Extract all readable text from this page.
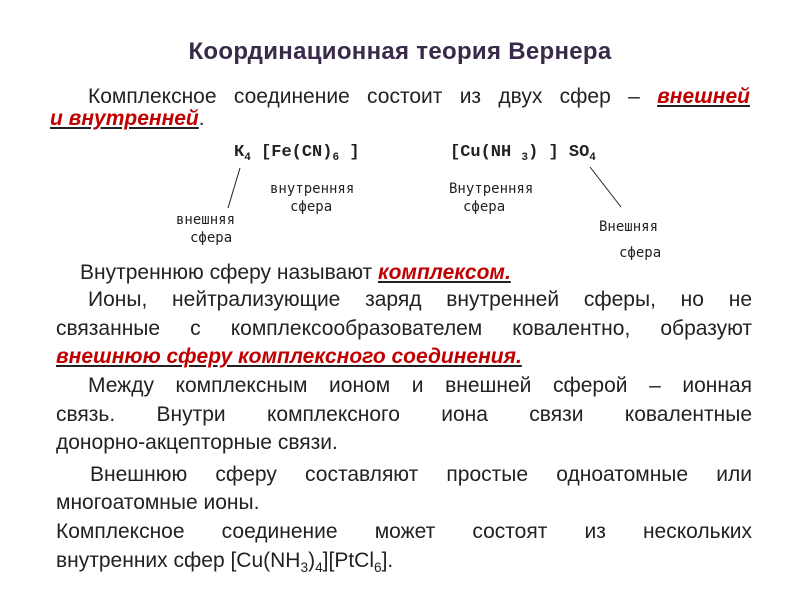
Координационная теория Вернера
Комплексное соединение состоит из двух сфер – внешней
и внутренней.
$К_4$ [$Fe(CN)_6$ ]	[Cu(NH $_3$) ] $SO_4$
внешняя
сфера
внутренняя
сфера
Внутренняя
сфера
Внешняя
сфера
Внутреннюю сферу называют комплексом.
Ионы, нейтрализующие заряд внутренней сферы, но не
связанные с комплексообразователем ковалентно, образуют
внешнюю сферу комплексного соединения.
Между комплексным ионом и внешней сферой – ионная
связь. Внутри комплексного иона связи ковалентные
донорно-акцепторные связи.
Внешнюю сферу составляют простые одноатомные или
многоатомные ионы.
Комплексное соединение может состоят из нескольких
внутренних сфер $[Cu(NH_3)_4][PtCl_6]$.
